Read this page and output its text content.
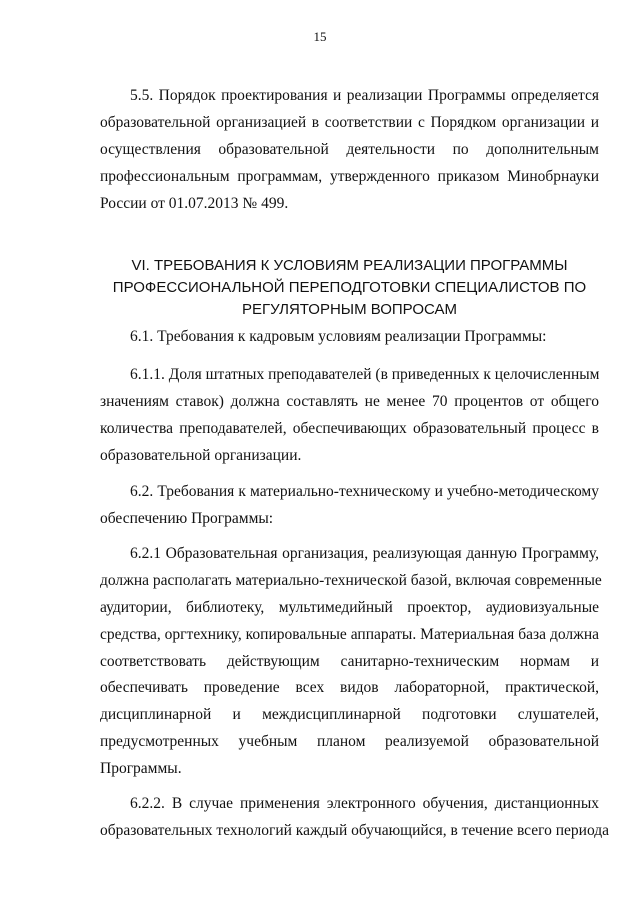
15
5.5. Порядок проектирования и реализации Программы определяется
образовательной организацией в соответствии с Порядком организации и
осуществления образовательной деятельности по дополнительным
профессиональным программам, утвержденного приказом Минобрнауки
России от 01.07.2013 № 499.
VI. ТРЕБОВАНИЯ К УСЛОВИЯМ РЕАЛИЗАЦИИ ПРОГРАММЫ
ПРОФЕССИОНАЛЬНОЙ ПЕРЕПОДГОТОВКИ СПЕЦИАЛИСТОВ ПО
РЕГУЛЯТОРНЫМ ВОПРОСАМ
6.1. Требования к кадровым условиям реализации Программы:
6.1.1. Доля штатных преподавателей (в приведенных к целочисленным
значениям ставок) должна составлять не менее 70 процентов от общего
количества преподавателей, обеспечивающих образовательный процесс в
образовательной организации.
6.2. Требования к материально-техническому и учебно-методическому
обеспечению Программы:
6.2.1 Образовательная организация, реализующая данную Программу,
должна располагать материально-технической базой, включая современные
аудитории, библиотеку, мультимедийный проектор, аудиовизуальные
средства, оргтехнику, копировальные аппараты. Материальная база должна
соответствовать действующим санитарно-техническим нормам и
обеспечивать проведение всех видов лабораторной, практической,
дисциплинарной и междисциплинарной подготовки слушателей,
предусмотренных учебным планом реализуемой образовательной
Программы.
6.2.2. В случае применения электронного обучения, дистанционных
образовательных технологий каждый обучающийся, в течение всего периода
